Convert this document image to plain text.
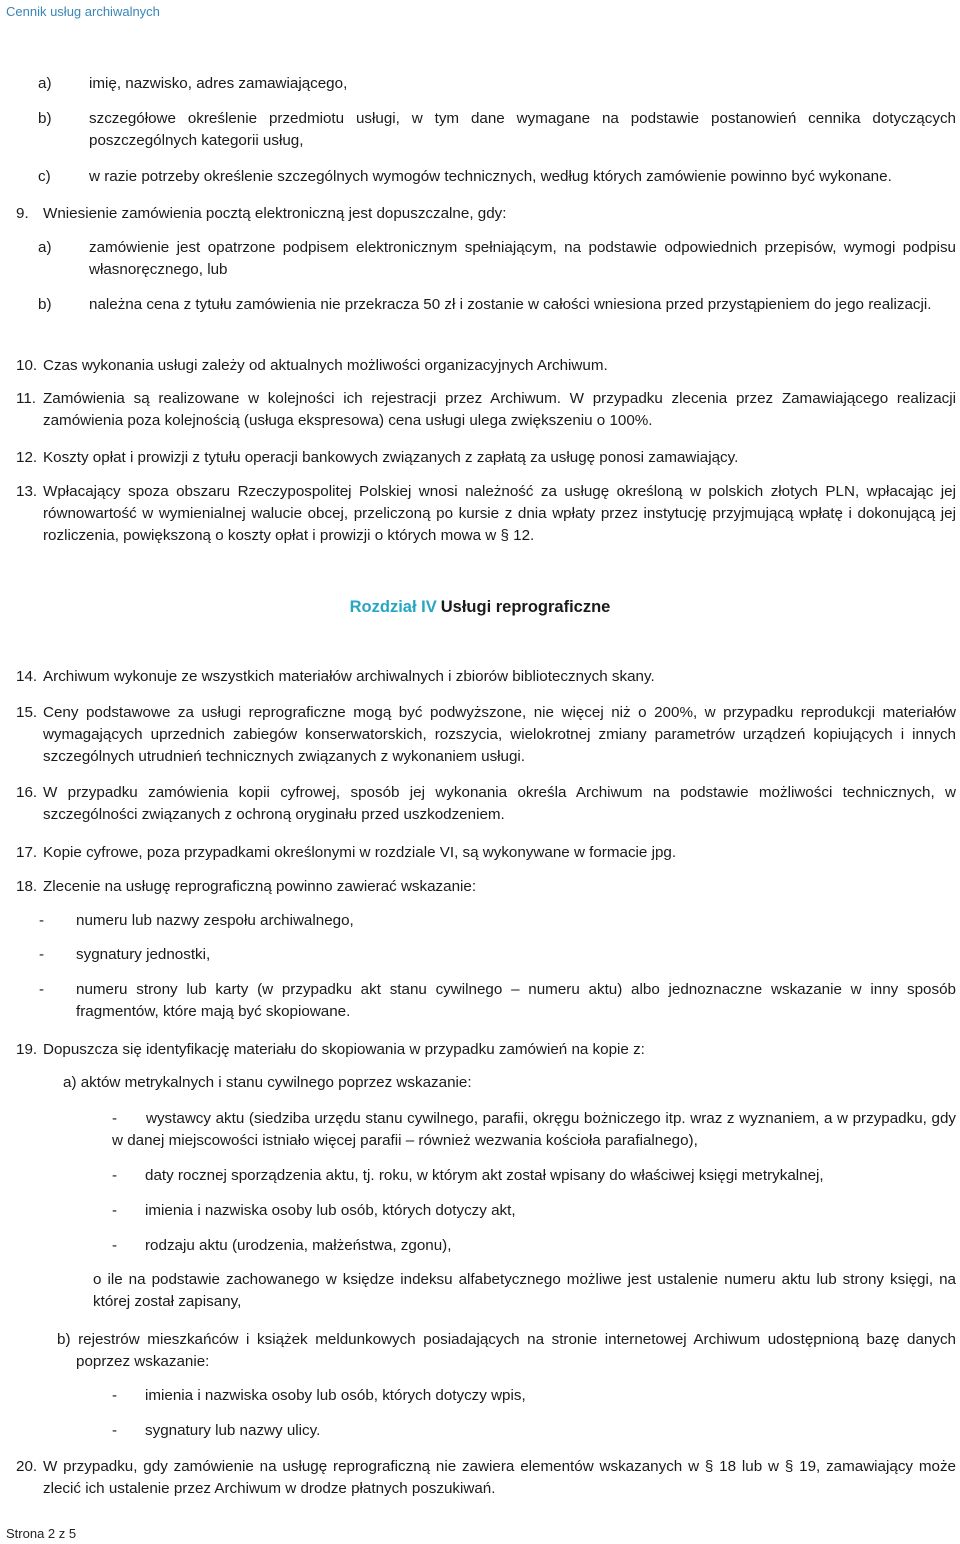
Cennik usług archiwalnych
a) imię, nazwisko, adres zamawiającego,
b) szczegółowe określenie przedmiotu usługi, w tym dane wymagane na podstawie postanowień cennika dotyczących poszczególnych kategorii usług,
c)	w razie potrzeby określenie szczególnych wymogów technicznych, według których zamówienie powinno być wykonane.
9. Wniesienie zamówienia pocztą elektroniczną jest dopuszczalne, gdy:
a) zamówienie jest opatrzone podpisem elektronicznym spełniającym, na podstawie odpowiednich przepisów, wymogi podpisu własnoręcznego, lub
b) należna cena z tytułu zamówienia nie przekracza 50 zł i zostanie w całości wniesiona przed przystąpieniem do jego realizacji.
10. Czas wykonania usługi zależy od aktualnych możliwości organizacyjnych Archiwum.
11. Zamówienia są realizowane w kolejności ich rejestracji przez Archiwum. W przypadku zlecenia przez Zamawiającego realizacji zamówienia poza kolejnością (usługa ekspresowa) cena usługi ulega zwiększeniu o 100%.
12. Koszty opłat i prowizji z tytułu operacji bankowych związanych z zapłatą za usługę ponosi zamawiający.
13. Wpłacający spoza obszaru Rzeczypospolitej Polskiej wnosi należność za usługę określoną w polskich złotych PLN, wpłacając jej równowartość w wymienialnej walucie obcej, przeliczoną po kursie z dnia wpłaty przez instytucję przyjmującą wpłatę i dokonującą jej rozliczenia, powiększoną o koszty opłat i prowizji o których mowa w § 12.
Rozdział IV Usługi reprograficzne
14. Archiwum wykonuje ze wszystkich materiałów archiwalnych i zbiorów bibliotecznych skany.
15. Ceny podstawowe za usługi reprograficzne mogą być podwyższone, nie więcej niż o 200%, w przypadku reprodukcji materiałów wymagających uprzednich zabiegów konserwatorskich, rozszycia, wielokrotnej zmiany parametrów urządzeń kopiujących i innych szczególnych utrudnień technicznych związanych z wykonaniem usługi.
16. W przypadku zamówienia kopii cyfrowej, sposób jej wykonania określa Archiwum na podstawie możliwości technicznych, w szczególności związanych z ochroną oryginału przed uszkodzeniem.
17. Kopie cyfrowe, poza przypadkami określonymi w rozdziale VI, są wykonywane w formacie jpg.
18. Zlecenie na usługę reprograficzną powinno zawierać wskazanie:
- numeru lub nazwy zespołu archiwalnego,
- sygnatury jednostki,
- numeru strony lub karty (w przypadku akt stanu cywilnego – numeru aktu) albo jednoznaczne wskazanie w inny sposób fragmentów, które mają być skopiowane.
19. Dopuszcza się identyfikację materiału do skopiowania w przypadku zamówień na kopie z:
a) aktów metrykalnych i stanu cywilnego poprzez wskazanie:
-	wystawcy aktu (siedziba urzędu stanu cywilnego, parafii, okręgu bożniczego itp. wraz z wyznaniem, a w przypadku, gdy w danej miejscowości istniało więcej parafii – również wezwania kościoła parafialnego),
- daty rocznej sporządzenia aktu, tj. roku, w którym akt został wpisany do właściwej księgi metrykalnej,
- imienia i nazwiska osoby lub osób, których dotyczy akt,
- rodzaju aktu (urodzenia, małżeństwa, zgonu),
o ile na podstawie zachowanego w księdze indeksu alfabetycznego możliwe jest ustalenie numeru aktu lub strony księgi, na której został zapisany,
b) rejestrów mieszkańców i książek meldunkowych posiadających na stronie internetowej Archiwum udostępnioną bazę danych poprzez wskazanie:
- imienia i nazwiska osoby lub osób, których dotyczy wpis,
- sygnatury lub nazwy ulicy.
20. W przypadku, gdy zamówienie na usługę reprograficzną nie zawiera elementów wskazanych w § 18 lub w § 19, zamawiający może zlecić ich ustalenie przez Archiwum w drodze płatnych poszukiwań.
Strona 2 z 5
